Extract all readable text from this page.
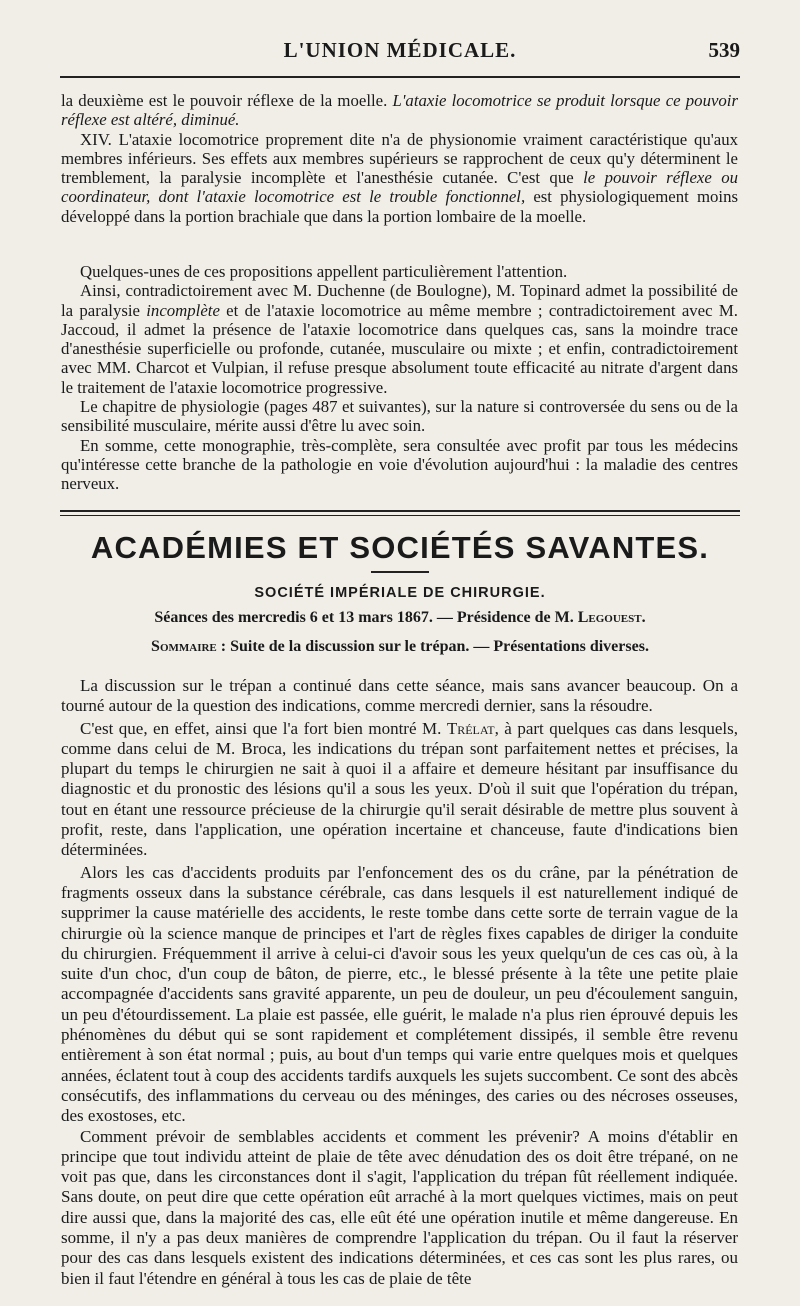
L'UNION MÉDICALE.	539

la deuxième est le pouvoir réflexe de la moelle. L'ataxie locomotrice se produit lorsque ce pouvoir réflexe est altéré, diminué.

XIV. L'ataxie locomotrice proprement dite n'a de physionomie vraiment caractéristique qu'aux membres inférieurs. Ses effets aux membres supérieurs se rapprochent de ceux qu'y déterminent le tremblement, la paralysie incomplète et l'anesthésie cutanée. C'est que le pouvoir réflexe ou coordinateur, dont l'ataxie locomotrice est le trouble fonctionnel, est physiologiquement moins développé dans la portion brachiale que dans la portion lombaire de la moelle.

Quelques-unes de ces propositions appellent particulièrement l'attention.

Ainsi, contradictoirement avec M. Duchenne (de Boulogne), M. Topinard admet la possibilité de la paralysie incomplète et de l'ataxie locomotrice au même membre ; contradictoirement avec M. Jaccoud, il admet la présence de l'ataxie locomotrice dans quelques cas, sans la moindre trace d'anesthésie superficielle ou profonde, cutanée, musculaire ou mixte ; et enfin, contradictoirement avec MM. Charcot et Vulpian, il refuse presque absolument toute efficacité au nitrate d'argent dans le traitement de l'ataxie locomotrice progressive.

Le chapitre de physiologie (pages 487 et suivantes), sur la nature si controversée du sens ou de la sensibilité musculaire, mérite aussi d'être lu avec soin.

En somme, cette monographie, très-complète, sera consultée avec profit par tous les médecins qu'intéresse cette branche de la pathologie en voie d'évolution aujourd'hui : la maladie des centres nerveux.

ACADÉMIES ET SOCIÉTÉS SAVANTES.
SOCIÉTÉ IMPÉRIALE DE CHIRURGIE.
Séances des mercredis 6 et 13 mars 1867. — Présidence de M. Legouest.
Sommaire : Suite de la discussion sur le trépan. — Présentations diverses.

La discussion sur le trépan a continué dans cette séance, mais sans avancer beaucoup. On a tourné autour de la question des indications, comme mercredi dernier, sans la résoudre.

C'est que, en effet, ainsi que l'a fort bien montré M. Trélat, à part quelques cas dans lesquels, comme dans celui de M. Broca, les indications du trépan sont parfaitement nettes et précises, la plupart du temps le chirurgien ne sait à quoi il a affaire et demeure hésitant par insuffisance du diagnostic et du pronostic des lésions qu'il a sous les yeux. D'où il suit que l'opération du trépan, tout en étant une ressource précieuse de la chirurgie qu'il serait désirable de mettre plus souvent à profit, reste, dans l'application, une opération incertaine et chanceuse, faute d'indications bien déterminées.

Alors les cas d'accidents produits par l'enfoncement des os du crâne, par la pénétration de fragments osseux dans la substance cérébrale, cas dans lesquels il est naturellement indiqué de supprimer la cause matérielle des accidents, le reste tombe dans cette sorte de terrain vague de la chirurgie où la science manque de principes et l'art de règles fixes capables de diriger la conduite du chirurgien. Fréquemment il arrive à celui-ci d'avoir sous les yeux quelqu'un de ces cas où, à la suite d'un choc, d'un coup de bâton, de pierre, etc., le blessé présente à la tête une petite plaie accompagnée d'accidents sans gravité apparente, un peu de douleur, un peu d'écoulement sanguin, un peu d'étourdissement. La plaie est passée, elle guérit, le malade n'a plus rien éprouvé depuis les phénomènes du début qui se sont rapidement et complétement dissipés, il semble être revenu entièrement à son état normal ; puis, au bout d'un temps qui varie entre quelques mois et quelques années, éclatent tout à coup des accidents tardifs auxquels les sujets succombent. Ce sont des abcès consécutifs, des inflammations du cerveau ou des méninges, des caries ou des nécroses osseuses, des exostoses, etc.

Comment prévoir de semblables accidents et comment les prévenir? A moins d'établir en principe que tout individu atteint de plaie de tête avec dénudation des os doit être trépané, on ne voit pas que, dans les circonstances dont il s'agit, l'application du trépan fût réellement indiquée. Sans doute, on peut dire que cette opération eût arraché à la mort quelques victimes, mais on peut dire aussi que, dans la majorité des cas, elle eût été une opération inutile et même dangereuse. En somme, il n'y a pas deux manières de comprendre l'application du trépan. Ou il faut la réserver pour des cas dans lesquels existent des indications déterminées, et ces cas sont les plus rares, ou bien il faut l'étendre en général à tous les cas de plaie de tête
